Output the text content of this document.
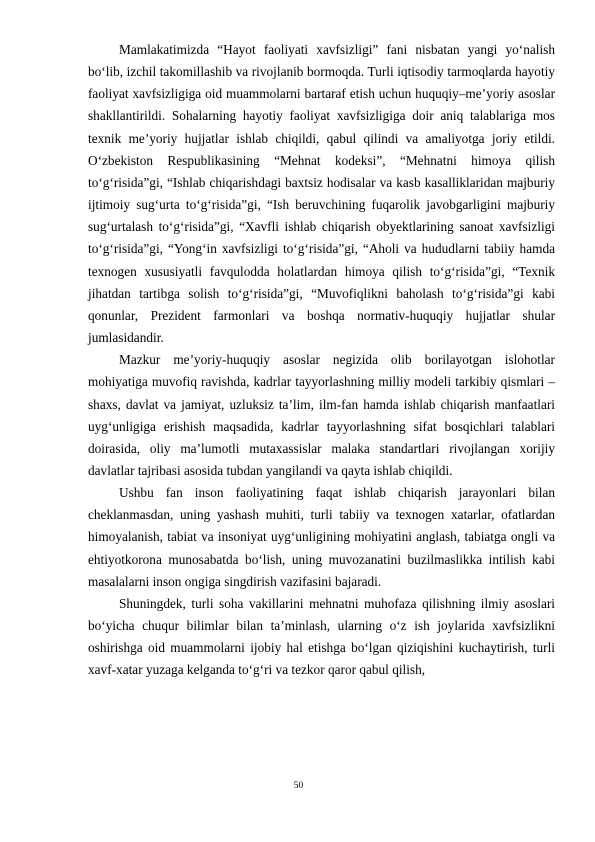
Mamlakatimizda “Hayot faoliyati xavfsizligi” fani nisbatan yangi yo‘nalish bo‘lib, izchil takomillashib va rivojlanib bormoqda. Turli iqtisodiy tarmoqlarda hayotiy faoliyat xavfsizligiga oid muammolarni bartaraf etish uchun huquqiy–me’yoriy asoslar shakllantirildi. Sohalarning hayotiy faoliyat xavfsizligiga doir aniq talablariga mos texnik me’yoriy hujjatlar ishlab chiqildi, qabul qilindi va amaliyotga joriy etildi. O‘zbekiston Respublikasining “Mehnat kodeksi”, “Mehnatni himoya qilish to‘g‘risida”gi, “Ishlab chiqarishdagi baxtsiz hodisalar va kasb kasalliklaridan majburiy ijtimoiy sug‘urta to‘g‘risida”gi, “Ish beruvchining fuqarolik javobgarligini majburiy sug‘urtalash to‘g‘risida”gi, “Xavfli ishlab chiqarish obyektlarining sanoat xavfsizligi to‘g‘risida”gi, “Yong‘in xavfsizligi to‘g‘risida”gi, “Aholi va hududlarni tabiiy hamda texnogen xususiyatli favqulodda holatlardan himoya qilish to‘g‘risida”gi, “Texnik jihatdan tartibga solish to‘g‘risida”gi, “Muvofiqlikni baholash to‘g‘risida”gi kabi qonunlar, Prezident farmonlari va boshqa normativ-huquqiy hujjatlar shular jumlasidandir.

Mazkur me’yoriy-huquqiy asoslar negizida olib borilayotgan islohotlar mohiyatiga muvofiq ravishda, kadrlar tayyorlashning milliy modeli tarkibiy qismlari – shaxs, davlat va jamiyat, uzluksiz ta’lim, ilm-fan hamda ishlab chiqarish manfaatlari uyg‘unligiga erishish maqsadida, kadrlar tayyorlashning sifat bosqichlari talablari doirasida, oliy ma’lumotli mutaxassislar malaka standartlari rivojlangan xorijiy davlatlar tajribasi asosida tubdan yangilandi va qayta ishlab chiqildi.

Ushbu fan inson faoliyatining faqat ishlab chiqarish jarayonlari bilan cheklanmasdan, uning yashash muhiti, turli tabiiy va texnogen xatarlar, ofatlardan himoyalanish, tabiat va insoniyat uyg‘unligining mohiyatini anglash, tabiatga ongli va ehtiyotkorona munosabatda bo‘lish, uning muvozanatini buzilmaslikka intilish kabi masalalarni inson ongiga singdirish vazifasini bajaradi.

Shuningdek, turli soha vakillarini mehnatni muhofaza qilishning ilmiy asoslari bo‘yicha chuqur bilimlar bilan ta’minlash, ularning o‘z ish joylarida xavfsizlikni oshirishga oid muammolarni ijobiy hal etishga bo‘lgan qiziqishini kuchaytirish, turli xavf-xatar yuzaga kelganda to‘g‘ri va tezkor qaror qabul qilish,

50
